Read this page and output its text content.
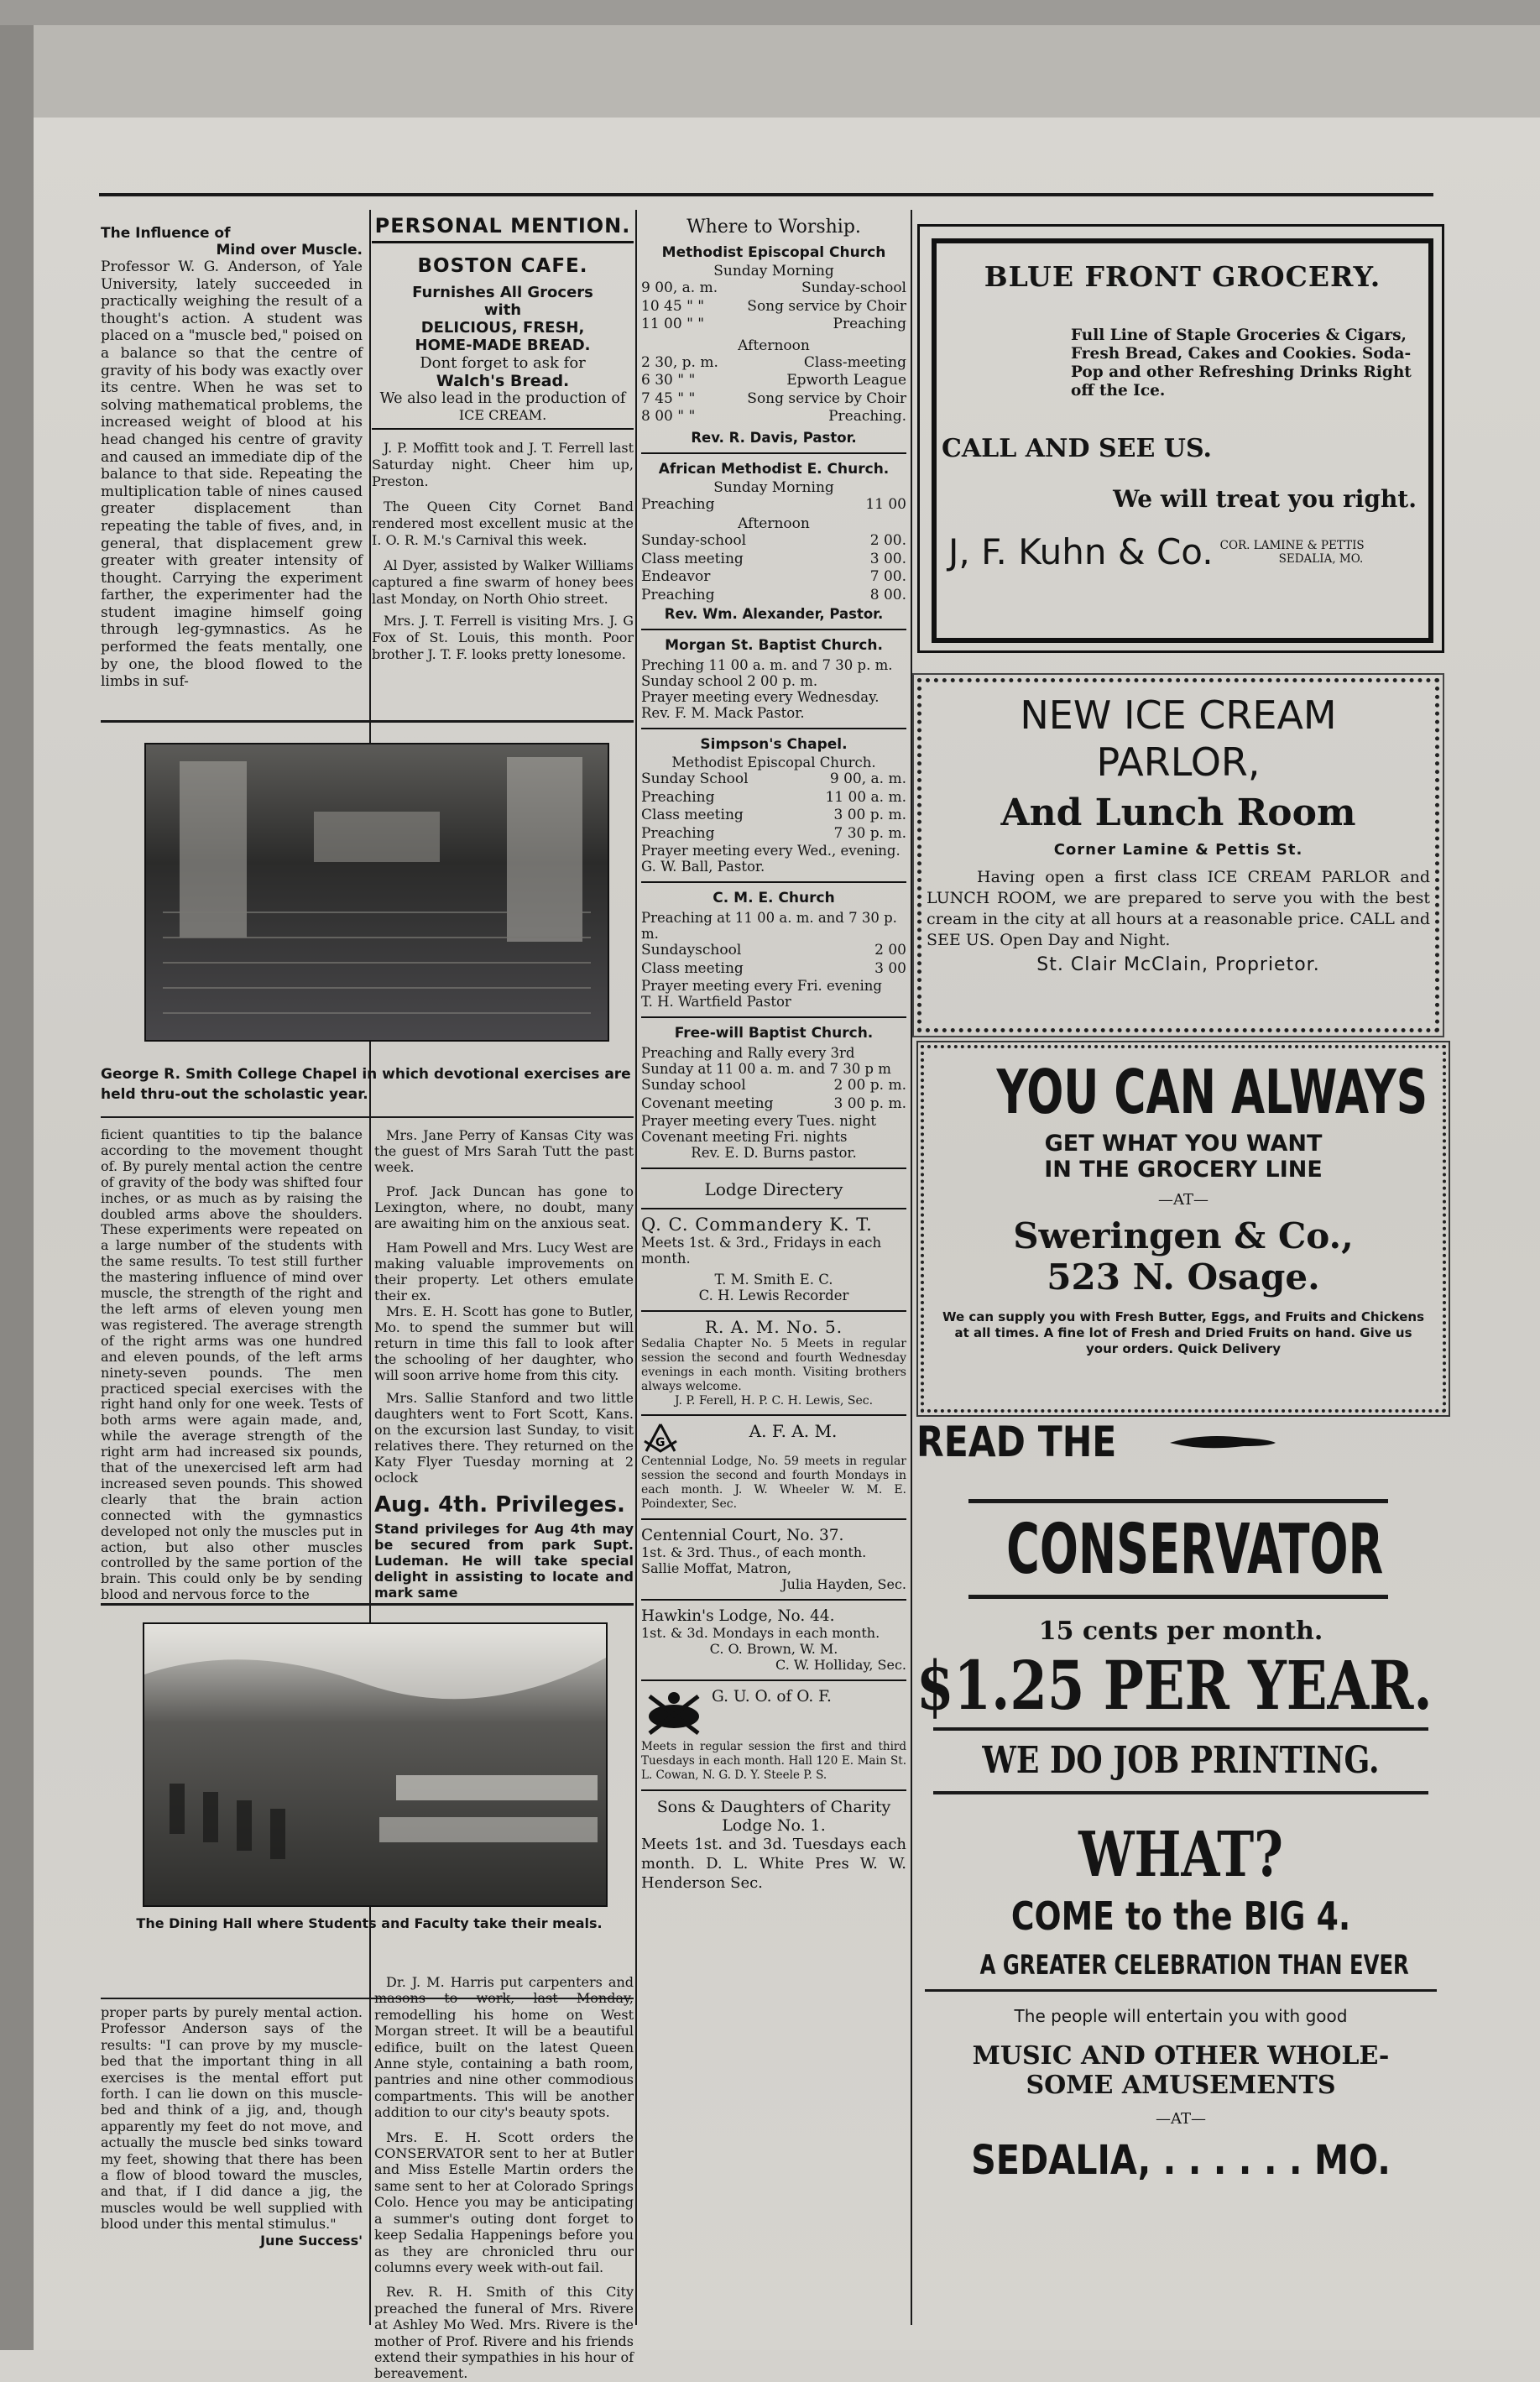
The Influence of

Mind over Muscle.

Professor W. G. Anderson, of Yale University, lately succeeded in practically weighing the result of a thought's action. A student was placed on a "muscle bed," poised on a balance so that the centre of gravity of his body was exactly over its centre. When he was set to solving mathematical problems, the increased weight of blood at his head changed his centre of gravity and caused an immediate dip of the balance to that side. Repeating the multiplication table of nines caused greater displacement than repeating the table of fives, and, in general, that displacement grew greater with greater intensity of thought. Carrying the experiment farther, the experimenter had the student imagine himself going through leg-gymnastics. As he performed the feats mentally, one by one, the blood flowed to the limbs in suf-

PERSONAL MENTION.

BOSTON CAFE.

Furnishes All Grocers

with

DELICIOUS, FRESH,

HOME-MADE BREAD.

Dont forget to ask for

Walch's Bread.

We also lead in the production of

ICE CREAM.

J. P. Moffitt took and J. T. Ferrell last Saturday night. Cheer him up, Preston.

The Queen City Cornet Band rendered most excellent music at the I. O. R. M.'s Carnival this week.

Al Dyer, assisted by Walker Williams captured a fine swarm of honey bees last Monday, on North Ohio street.

Mrs. J. T. Ferrell is visiting Mrs. J. G Fox of St. Louis, this month. Poor brother J. T. F. looks pretty lonesome.

George R. Smith College Chapel in which devotional exercises are held thru-out the scholastic year.

ficient quantities to tip the balance according to the movement thought of. By purely mental action the centre of gravity of the body was shifted four inches, or as much as by raising the doubled arms above the shoulders. These experiments were repeated on a large number of the students with the same results. To test still further the mastering influence of mind over muscle, the strength of the right and the left arms of eleven young men was registered. The average strength of the right arms was one hundred and eleven pounds, of the left arms ninety-seven pounds. The men practiced special exercises with the right hand only for one week. Tests of both arms were again made, and, while the average strength of the right arm had increased six pounds, that of the unexercised left arm had increased seven pounds. This showed clearly that the brain action connected with the gymnastics developed not only the muscles put in action, but also other muscles controlled by the same portion of the brain. This could only be by sending blood and nervous force to the

Mrs. Jane Perry of Kansas City was the guest of Mrs Sarah Tutt the past week.

Prof. Jack Duncan has gone to Lexington, where, no doubt, many are awaiting him on the anxious seat.

Ham Powell and Mrs. Lucy West are making valuable improvements on their property. Let others emulate their ex.

Mrs. E. H. Scott has gone to Butler, Mo. to spend the summer but will return in time this fall to look after the schooling of her daughter, who will soon arrive home from this city.

Mrs. Sallie Stanford and two little daughters went to Fort Scott, Kans. on the excursion last Sunday, to visit relatives there. They returned on the Katy Flyer Tuesday morning at 2 oclock

Aug. 4th. Privileges.

Stand privileges for Aug 4th may be secured from park Supt. Ludeman. He will take special delight in assisting to locate and mark same

The Dining Hall where Students and Faculty take their meals.

proper parts by purely mental action. Professor Anderson says of the results: "I can prove by my muscle-bed that the important thing in all exercises is the mental effort put forth. I can lie down on this muscle-bed and think of a jig, and, though apparently my feet do not move, and actually the muscle bed sinks toward my feet, showing that there has been a flow of blood toward the muscles, and that, if I did dance a jig, the muscles would be well supplied with blood under this mental stimulus."

June Success'

Dr. J. M. Harris put carpenters and masons to work, last Monday, remodelling his home on West Morgan street. It will be a beautiful edifice, built on the latest Queen Anne style, containing a bath room, pantries and nine other commodious compartments. This will be another addition to our city's beauty spots.

Mrs. E. H. Scott orders the CONSERVATOR sent to her at Butler and Miss Estelle Martin orders the same sent to her at Colorado Springs Colo. Hence you may be anticipating a summer's outing dont forget to keep Sedalia Happenings before you as they are chronicled thru our columns every week with-out fail.

Rev. R. H. Smith of this City preached the funeral of Mrs. Rivere at Ashley Mo Wed. Mrs. Rivere is the mother of Prof. Rivere and his friends extend their sympathies in his hour of bereavement.

Where to Worship.

Methodist Episcopal Church

Sunday Morning

9 00, a. m.	Sunday-school
10 45 " "	Song service by Choir
11 00 " "	Preaching

Afternoon

2 30, p. m.	Class-meeting
6 30 " "	Epworth League
7 45 " "	Song service by Choir
8 00 " "	Preaching.

Rev. R. Davis, Pastor.

African Methodist E. Church.

Sunday Morning

Preaching	11 00

Afternoon

Sunday-school	2 00.
Class meeting	3 00.
Endeavor	7 00.
Preaching	8 00.

Rev. Wm. Alexander, Pastor.

Morgan St. Baptist Church.

Preching 11 00 a. m. and 7 30 p. m.

Sunday school 2 00 p. m.

Prayer meeting every Wednesday.

Rev. F. M. Mack Pastor.

Simpson's Chapel.

Methodist Episcopal Church.

Sunday School	9 00, a. m.
Preaching	11 00 a. m.
Class meeting	3 00 p. m.
Preaching	7 30 p. m.

Prayer meeting every Wed., evening. G. W. Ball, Pastor.

C. M. E. Church

Preaching at 11 00 a. m. and 7 30 p. m.

Sundayschool	2 00
Class meeting	3 00

Prayer meeting every Fri. evening

T. H. Wartfield Pastor

Free-will Baptist Church.

Preaching and Rally every 3rd Sunday at 11 00 a. m. and 7 30 p m

Sunday school	2 00 p. m.
Covenant meeting	3 00 p. m.

Prayer meeting every Tues. night Covenant meeting Fri. nights

Rev. E. D. Burns pastor.

Lodge Directery

Q. C. Commandery K. T.

Meets 1st. & 3rd., Fridays in each month.

T. M. Smith E. C.

C. H. Lewis Recorder

R. A. M. No. 5.

Sedalia Chapter No. 5 Meets in regular session the second and fourth Wednesday evenings in each month. Visiting brothers always welcome.

J. P. Ferell, H. P. C. H. Lewis, Sec.

G

A. F. A. M.

Centennial Lodge, No. 59 meets in regular session the second and fourth Mondays in each month. J. W. Wheeler W. M. E. Poindexter, Sec.

Centennial Court, No. 37.

1st. & 3rd. Thus., of each month.

Sallie Moffat, Matron,

Julia Hayden, Sec.

Hawkin's Lodge, No. 44.

1st. & 3d. Mondays in each month.

C. O. Brown, W. M.

C. W. Holliday, Sec.

G. U. O. of O. F.

Meets in regular session the first and third Tuesdays in each month. Hall 120 E. Main St. L. Cowan, N. G. D. Y. Steele P. S.

Sons & Daughters of Charity

Lodge No. 1.

Meets 1st. and 3d. Tuesdays each month. D. L. White Pres W. W. Henderson Sec.

BLUE FRONT GROCERY.

Full Line of Staple Groceries & Cigars, Fresh Bread, Cakes and Cookies. Soda-Pop and other Refreshing Drinks Right off the Ice.

CALL AND SEE US.

We will treat you right.

J, F. Kuhn & Co. COR. LAMINE & PETTIS

SEDALIA, MO.

NEW ICE CREAM

PARLOR,

And Lunch Room

Corner Lamine & Pettis St.

Having open a first class ICE CREAM PARLOR and LUNCH ROOM, we are prepared to serve you with the best cream in the city at all hours at a reasonable price. CALL and SEE US. Open Day and Night.

St. Clair McClain, Proprietor.

YOU CAN ALWAYS

GET WHAT YOU WANT

IN THE GROCERY LINE

—AT—

Sweringen & Co.,

523 N. Osage.

We can supply you with Fresh Butter, Eggs, and Fruits and Chickens at all times. A fine lot of Fresh and Dried Fruits on hand. Give us your orders. Quick Delivery

READ THE

CONSERVATOR

15 cents per month.

$1.25 PER YEAR.

WE DO JOB PRINTING.

WHAT?

COME to the BIG 4.

A GREATER CELEBRATION THAN EVER

The people will entertain you with good

MUSIC AND OTHER WHOLE-

SOME AMUSEMENTS

—AT—

SEDALIA, . . . . . . MO.
